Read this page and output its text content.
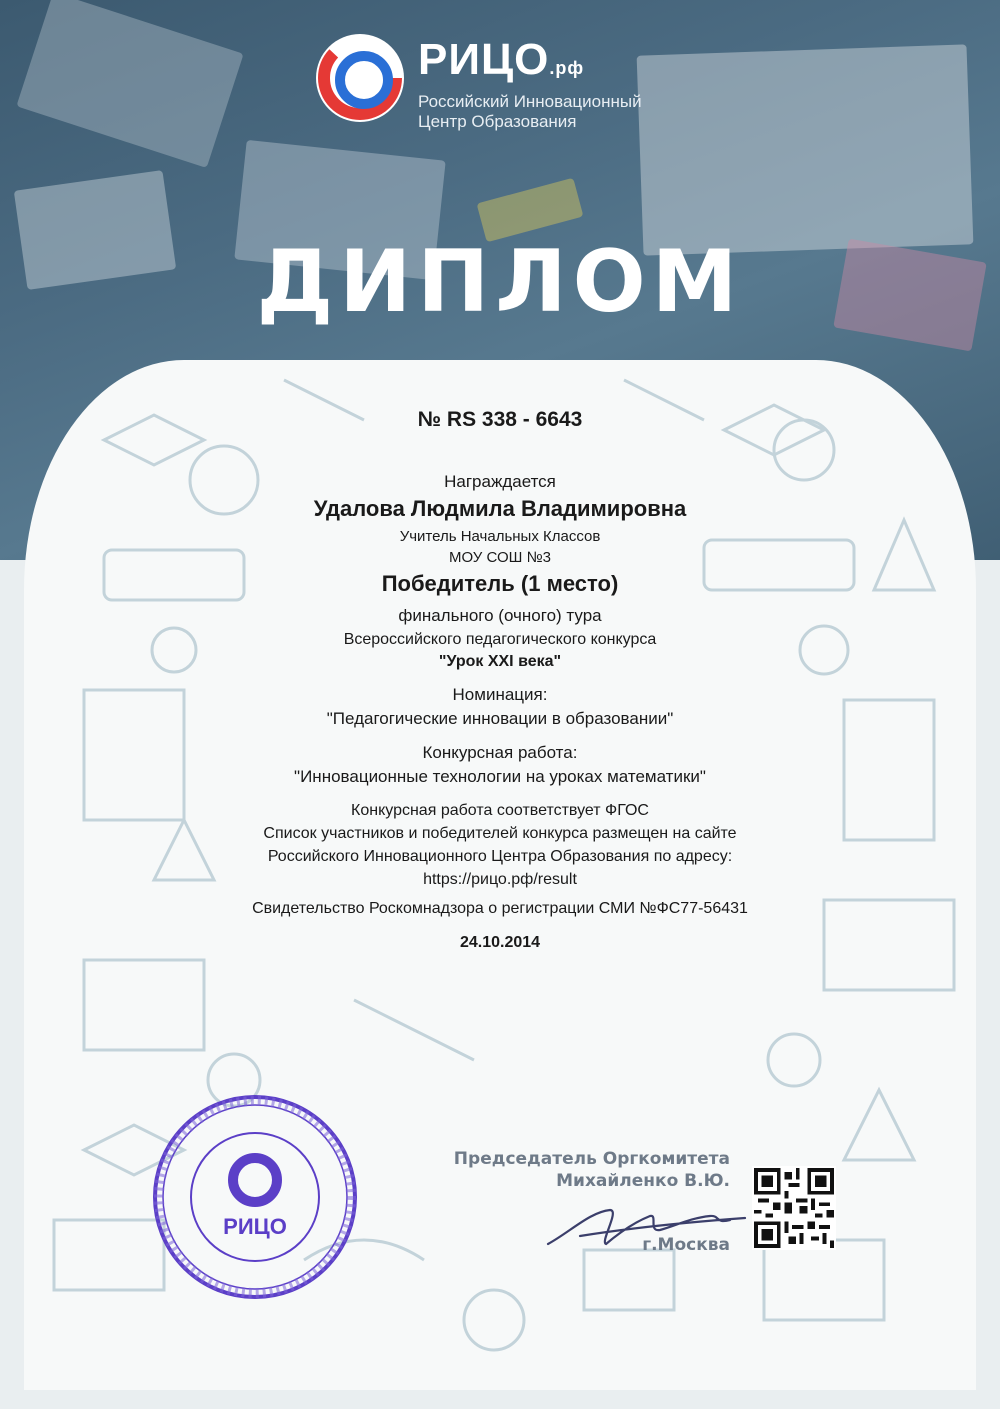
РИЦО.рф
Российский Инновационный
Центр Образования
ДИПЛОМ
№ RS 338 - 6643
Награждается
Удалова Людмила Владимировна
Учитель Начальных Классов
МОУ СОШ №3
Победитель (1 место)
финального (очного) тура
Всероссийского педагогического конкурса
"Урок XXI века"
Номинация:
"Педагогические инновации в образовании"
Конкурсная работа:
"Инновационные технологии на уроках математики"
Конкурсная работа соответствует ФГОС
Список участников и победителей конкурса размещен на сайте
Российского Инновационного Центра Образования по адресу:
https://рицо.рф/result
Свидетельство Роскомнадзора о регистрации СМИ №ФС77-56431
24.10.2014
РИЦО
Председатель Оргкомитета
Михайленко В.Ю.
г.Москва
